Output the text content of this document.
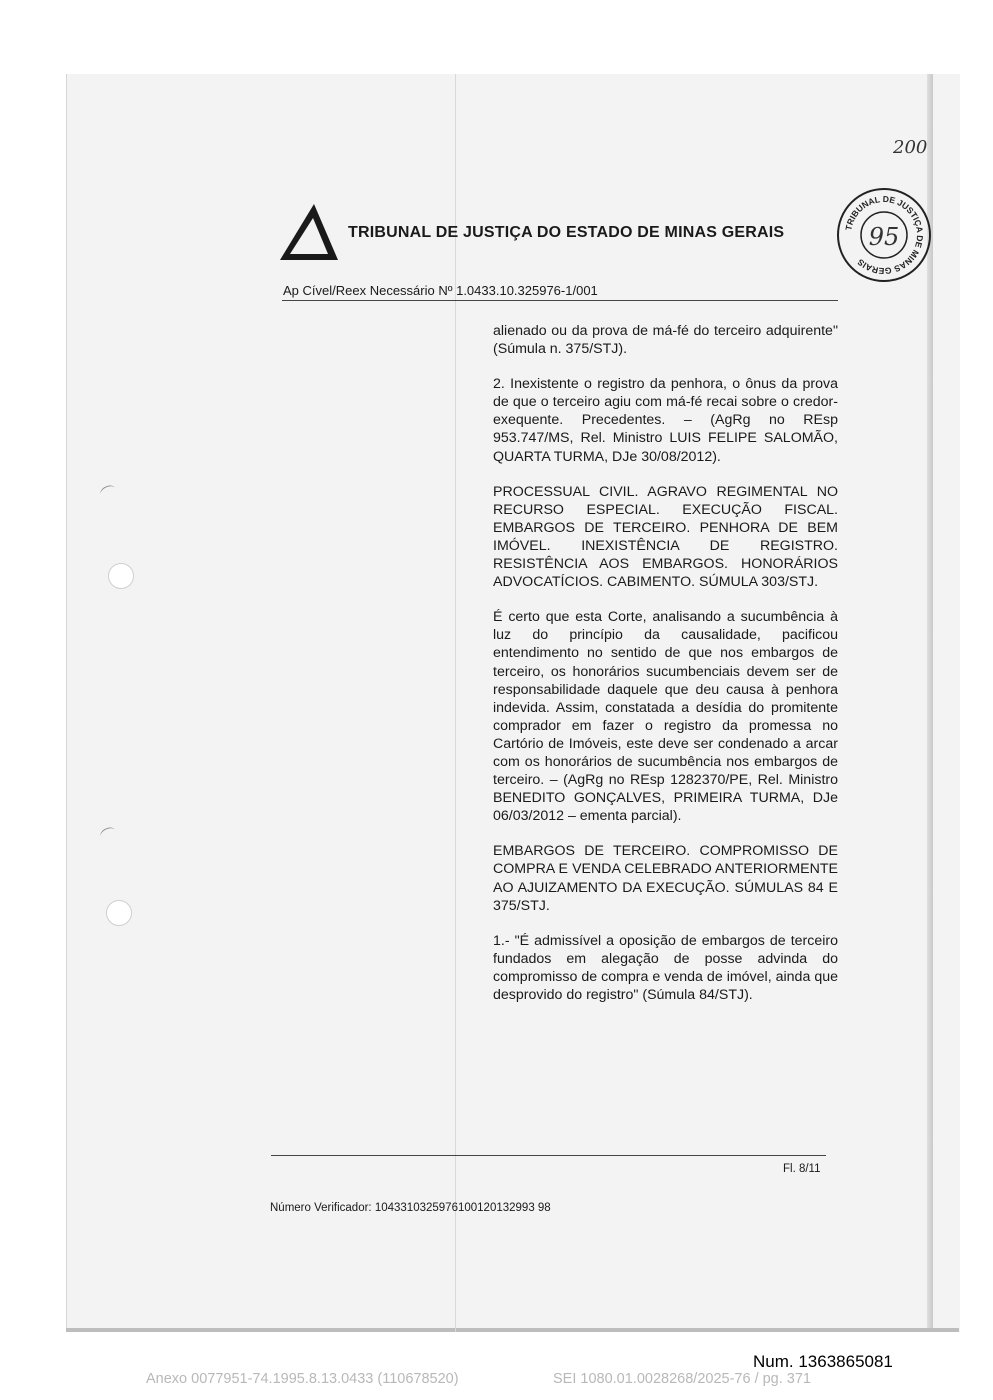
200
TRIBUNAL DE JUSTIÇA DO ESTADO DE MINAS GERAIS	TRIBUNAL DE JUSTIÇA DE MINAS GERAIS
95
Ap Cível/Reex Necessário Nº 1.0433.10.325976-1/001

alienado ou da prova de má-fé do terceiro adquirente" (Súmula n. 375/STJ).

2. Inexistente o registro da penhora, o ônus da prova de que o terceiro agiu com má-fé recai sobre o credor-exequente. Precedentes. – (AgRg no REsp 953.747/MS, Rel. Ministro LUIS FELIPE SALOMÃO, QUARTA TURMA, DJe 30/08/2012).

PROCESSUAL CIVIL. AGRAVO REGIMENTAL NO RECURSO ESPECIAL. EXECUÇÃO FISCAL. EMBARGOS DE TERCEIRO. PENHORA DE BEM IMÓVEL. INEXISTÊNCIA DE REGISTRO. RESISTÊNCIA AOS EMBARGOS. HONORÁRIOS ADVOCATÍCIOS. CABIMENTO. SÚMULA 303/STJ.

É certo que esta Corte, analisando a sucumbência à luz do princípio da causalidade, pacificou entendimento no sentido de que nos embargos de terceiro, os honorários sucumbenciais devem ser de responsabilidade daquele que deu causa à penhora indevida. Assim, constatada a desídia do promitente comprador em fazer o registro da promessa no Cartório de Imóveis, este deve ser condenado a arcar com os honorários de sucumbência nos embargos de terceiro. – (AgRg no REsp 1282370/PE, Rel. Ministro BENEDITO GONÇALVES, PRIMEIRA TURMA, DJe 06/03/2012 – ementa parcial).

EMBARGOS DE TERCEIRO. COMPROMISSO DE COMPRA E VENDA CELEBRADO ANTERIORMENTE AO AJUIZAMENTO DA EXECUÇÃO. SÚMULAS 84 E 375/STJ.

1.- "É admissível a oposição de embargos de terceiro fundados em alegação de posse advinda do compromisso de compra e venda de imóvel, ainda que desprovido do registro" (Súmula 84/STJ).

Fl. 8/11
Número Verificador: 1043310325976100120132993 98
Num. 1363865081
Anexo 0077951-74.1995.8.13.0433 (110678520)	SEI 1080.01.0028268/2025-76 / pg. 371
